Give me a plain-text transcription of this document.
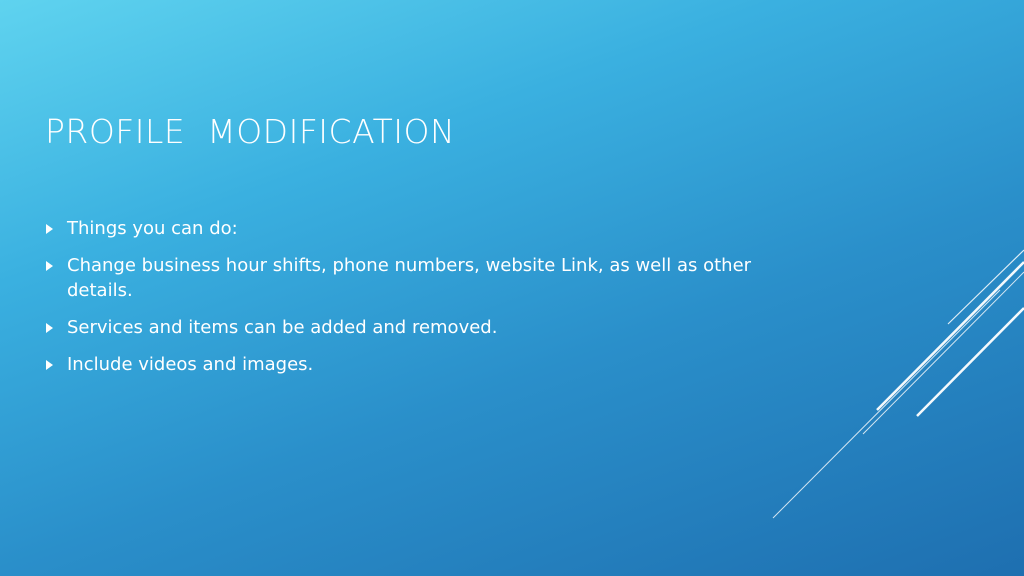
PROFILE  MODIFICATION
Things you can do:
Change business hour shifts, phone numbers, website Link, as well as other details.
Services and items can be added and removed.
Include videos and images.
